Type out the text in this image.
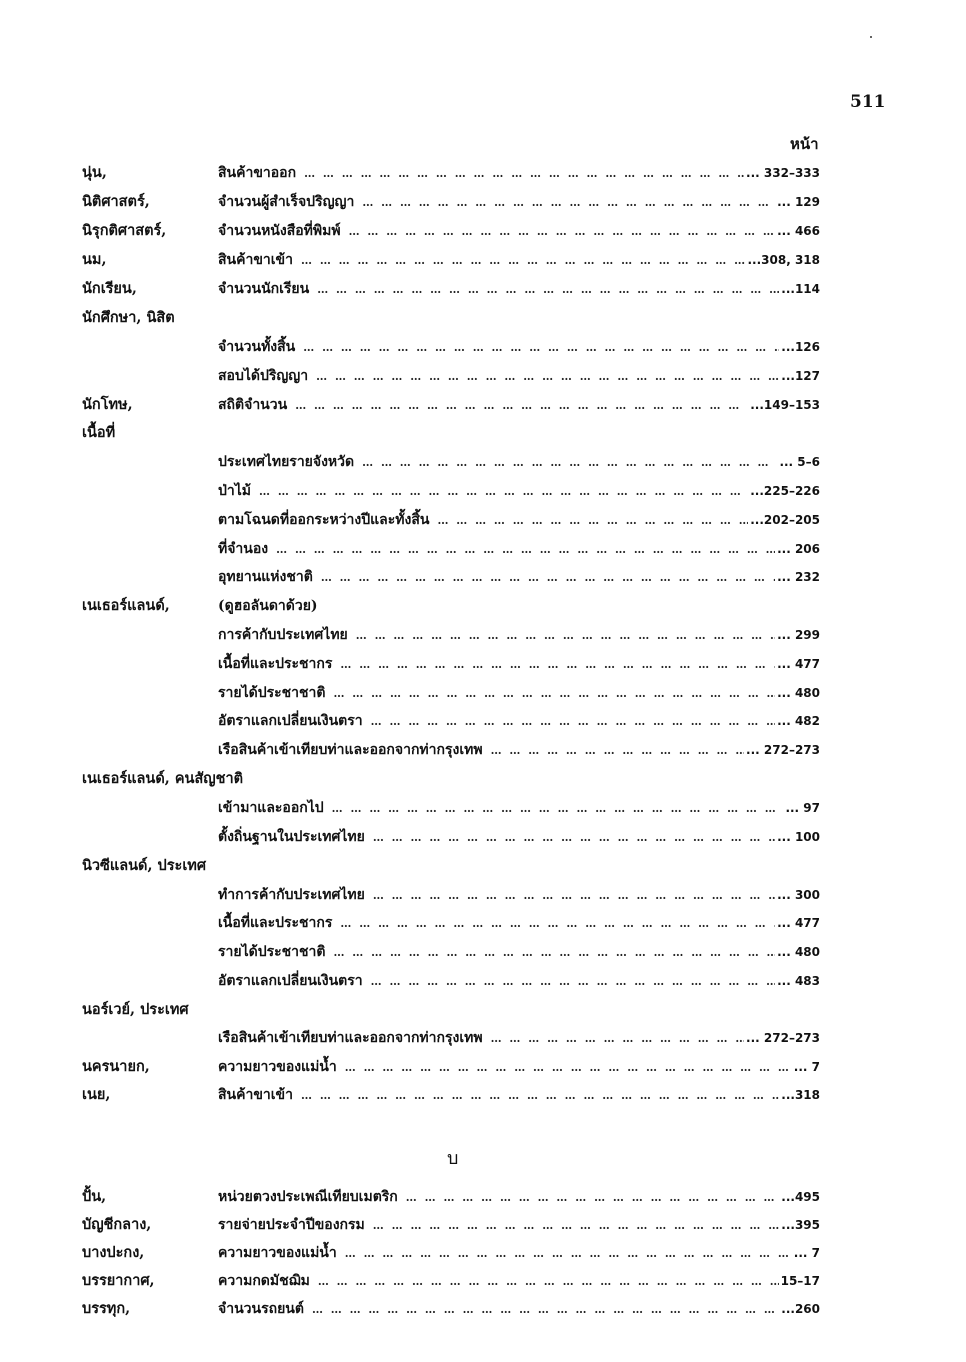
511
หน้า
นุ่น,	สินค้าขาออก … … … … … … … … … … … … … … … … … … … … … … … … … … … … … … … …	... 332–333
นิติศาสตร์,	จำนวนผู้สำเร็จปริญญา … … … … … … … … … … … … … … … … … … … … … … … … … … … … … … … …	... 129
นิรุกติศาสตร์,	จำนวนหนังสือที่พิมพ์ … … … … … … … … … … … … … … … … … … … … … … … … … … … … … … … …	... 466
นม,	สินค้าขาเข้า … … … … … … … … … … … … … … … … … … … … … … … … … … … … … … … …	...308, 318
นักเรียน,	จำนวนนักเรียน … … … … … … … … … … … … … … … … … … … … … … … … … … … … … … … …	...114
นักศึกษา, นิสิต
จำนวนทั้งสิ้น … … … … … … … … … … … … … … … … … … … … … … … … … … … … … … … …	...126
สอบได้ปริญญา … … … … … … … … … … … … … … … … … … … … … … … … … … … … … … … …	...127
นักโทษ,	สถิติจำนวน … … … … … … … … … … … … … … … … … … … … … … … … … … … … … … … …	...149–153
เนื้อที่
ประเทศไทยรายจังหวัด … … … … … … … … … … … … … … … … … … … … … … … … … … … … … … … …	... 5–6
ป่าไม้ … … … … … … … … … … … … … … … … … … … … … … … … … … … … … … … …	...225–226
ตามโฉนดที่ออกระหว่างปีและทั้งสิ้น … … … … … … … … … … … … … … … … … … … … … … … … … … … … … … … …	...202–205
ที่จำนอง … … … … … … … … … … … … … … … … … … … … … … … … … … … … … … … …	... 206
อุทยานแห่งชาติ … … … … … … … … … … … … … … … … … … … … … … … … … … … … … … … …	... 232
เนเธอร์แลนด์,	(ดูฮอลันดาด้วย)
การค้ากับประเทศไทย … … … … … … … … … … … … … … … … … … … … … … … … … … … … … … … …	... 299
เนื้อที่และประชากร … … … … … … … … … … … … … … … … … … … … … … … … … … … … … … … …	... 477
รายได้ประชาชาติ … … … … … … … … … … … … … … … … … … … … … … … … … … … … … … … …	... 480
อัตราแลกเปลี่ยนเงินตรา … … … … … … … … … … … … … … … … … … … … … … … … … … … … … … … …	... 482
เรือสินค้าเข้าเทียบท่าและออกจากท่ากรุงเทพ … … … … … … … … … … … … … … … … … … … … … … … … … … … … … … … …	... 272–273
เนเธอร์แลนด์, คนสัญชาติ
เข้ามาและออกไป … … … … … … … … … … … … … … … … … … … … … … … … … … … … … … … …	... 97
ตั้งถิ่นฐานในประเทศไทย … … … … … … … … … … … … … … … … … … … … … … … … … … … … … … … …	... 100
นิวซีแลนด์, ประเทศ
ทำการค้ากับประเทศไทย … … … … … … … … … … … … … … … … … … … … … … … … … … … … … … … …	... 300
เนื้อที่และประชากร … … … … … … … … … … … … … … … … … … … … … … … … … … … … … … … …	... 477
รายได้ประชาชาติ … … … … … … … … … … … … … … … … … … … … … … … … … … … … … … … …	... 480
อัตราแลกเปลี่ยนเงินตรา … … … … … … … … … … … … … … … … … … … … … … … … … … … … … … … …	... 483
นอร์เวย์, ประเทศ
เรือสินค้าเข้าเทียบท่าและออกจากท่ากรุงเทพ … … … … … … … … … … … … … … … … … … … … … … … … … … … … … … … …	... 272–273
นครนายก,	ความยาวของแม่น้ำ … … … … … … … … … … … … … … … … … … … … … … … … … … … … … … … …	... 7
เนย,	สินค้าขาเข้า … … … … … … … … … … … … … … … … … … … … … … … … … … … … … … … …	...318
บ
ปั้น,	หน่วยตวงประเพณีเทียบเมตริก … … … … … … … … … … … … … … … … … … … … … … … … … … … … … … … …	...495
บัญชีกลาง,	รายจ่ายประจำปีของกรม … … … … … … … … … … … … … … … … … … … … … … … … … … … … … … … …	...395
บางปะกง,	ความยาวของแม่น้ำ … … … … … … … … … … … … … … … … … … … … … … … … … … … … … … … …	... 7
บรรยากาศ,	ความกดมัชฌิม … … … … … … … … … … … … … … … … … … … … … … … … … … … … … … … …	15–17
บรรทุก,	จำนวนรถยนต์ … … … … … … … … … … … … … … … … … … … … … … … … … … … … … … … …	...260
